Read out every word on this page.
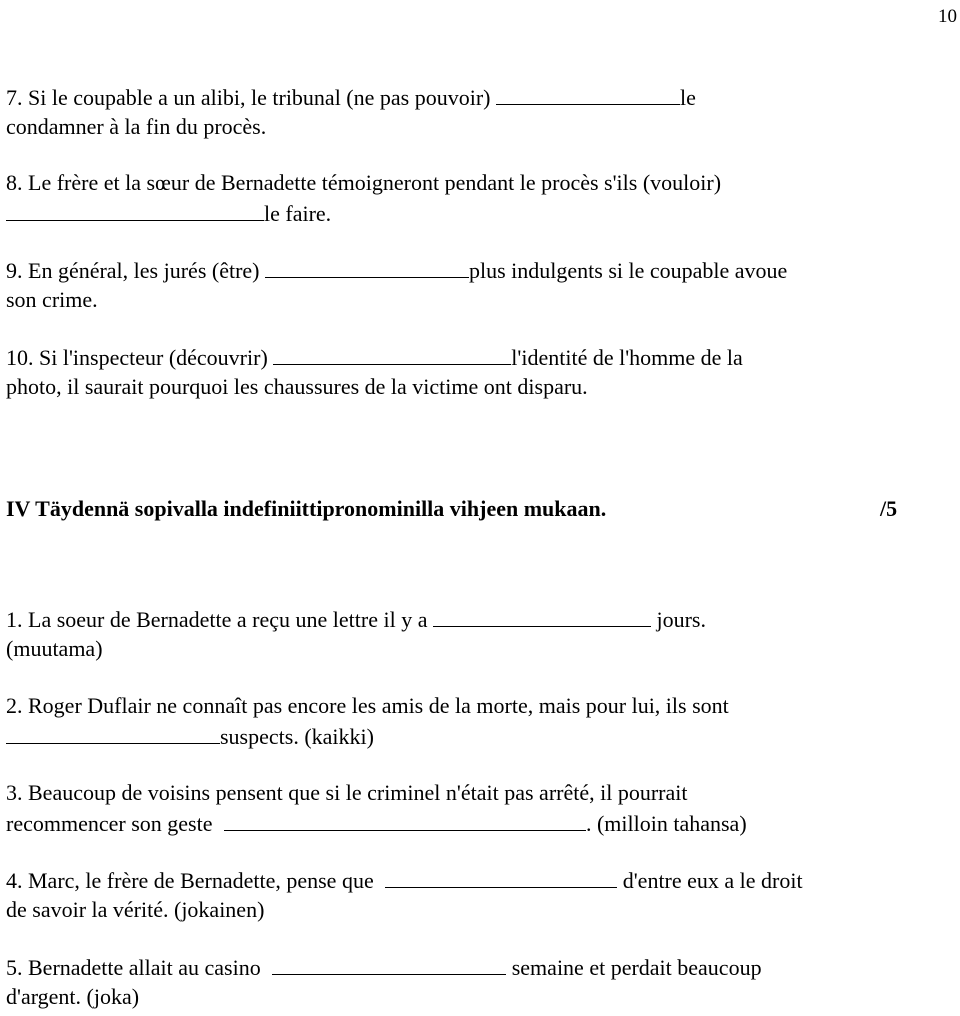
10
7. Si le coupable a un alibi, le tribunal (ne pas pouvoir)	le
condamner à la fin du procès.
8. Le frère et la sœur de Bernadette témoigneront pendant le procès s'ils (vouloir)
le faire.
9. En général, les jurés (être)	plus indulgents si le coupable avoue
son crime.
10. Si l'inspecteur (découvrir)	l'identité de l'homme de la
photo, il saurait pourquoi les chaussures de la victime ont disparu.
IV Täydennä sopivalla indefiniittipronominilla vihjeen mukaan.	/5
1. La soeur de Bernadette a reçu une lettre il y a	jours.
(muutama)
2. Roger Duflair ne connaît pas encore les amis de la morte, mais pour lui, ils sont
suspects. (kaikki)
3. Beaucoup de voisins pensent que si le criminel n'était pas arrêté, il pourrait
recommencer son geste	. (milloin tahansa)
4. Marc, le frère de Bernadette, pense que	d'entre eux a le droit
de savoir la vérité. (jokainen)
5. Bernadette allait au casino	semaine et perdait beaucoup
d'argent. (joka)
